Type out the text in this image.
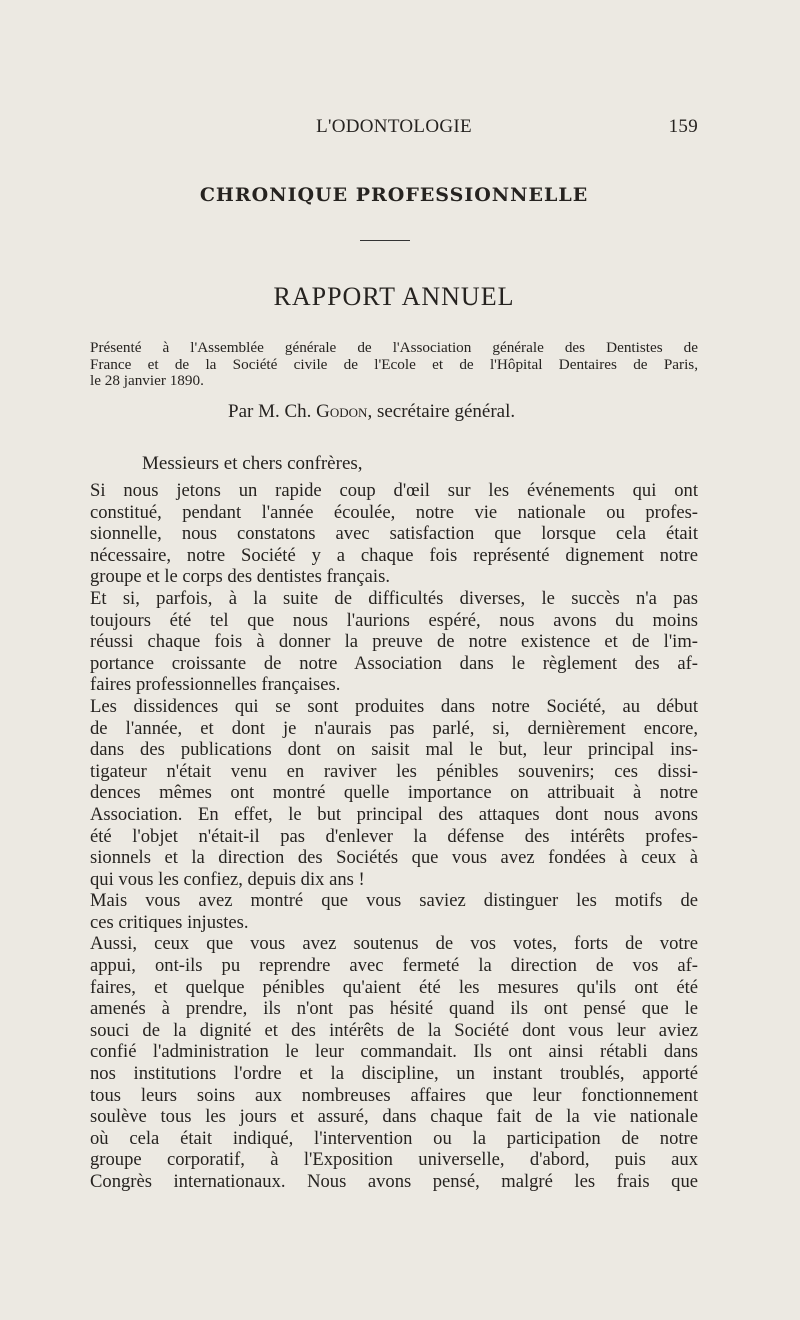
L'ODONTOLOGIE	159
CHRONIQUE PROFESSIONNELLE
RAPPORT ANNUEL
Présenté à l'Assemblée générale de l'Association générale des Dentistes de
France et de la Société civile de l'Ecole et de l'Hôpital Dentaires de Paris,
le 28 janvier 1890.
Par M. Ch. Godon, secrétaire général.
Messieurs et chers confrères,
Si nous jetons un rapide coup d'œil sur les événements qui ont
constitué, pendant l'année écoulée, notre vie nationale ou profes-
sionnelle, nous constatons avec satisfaction que lorsque cela était
nécessaire, notre Société y a chaque fois représenté dignement notre
groupe et le corps des dentistes français.
Et si, parfois, à la suite de difficultés diverses, le succès n'a pas
toujours été tel que nous l'aurions espéré, nous avons du moins
réussi chaque fois à donner la preuve de notre existence et de l'im-
portance croissante de notre Association dans le règlement des af-
faires professionnelles françaises.
Les dissidences qui se sont produites dans notre Société, au début
de l'année, et dont je n'aurais pas parlé, si, dernièrement encore,
dans des publications dont on saisit mal le but, leur principal ins-
tigateur n'était venu en raviver les pénibles souvenirs; ces dissi-
dences mêmes ont montré quelle importance on attribuait à notre
Association. En effet, le but principal des attaques dont nous avons
été l'objet n'était-il pas d'enlever la défense des intérêts profes-
sionnels et la direction des Sociétés que vous avez fondées à ceux à
qui vous les confiez, depuis dix ans !
Mais vous avez montré que vous saviez distinguer les motifs de
ces critiques injustes.
Aussi, ceux que vous avez soutenus de vos votes, forts de votre
appui, ont-ils pu reprendre avec fermeté la direction de vos af-
faires, et quelque pénibles qu'aient été les mesures qu'ils ont été
amenés à prendre, ils n'ont pas hésité quand ils ont pensé que le
souci de la dignité et des intérêts de la Société dont vous leur aviez
confié l'administration le leur commandait. Ils ont ainsi rétabli dans
nos institutions l'ordre et la discipline, un instant troublés, apporté
tous leurs soins aux nombreuses affaires que leur fonctionnement
soulève tous les jours et assuré, dans chaque fait de la vie nationale
où cela était indiqué, l'intervention ou la participation de notre
groupe corporatif, à l'Exposition universelle, d'abord, puis aux
Congrès internationaux. Nous avons pensé, malgré les frais que
